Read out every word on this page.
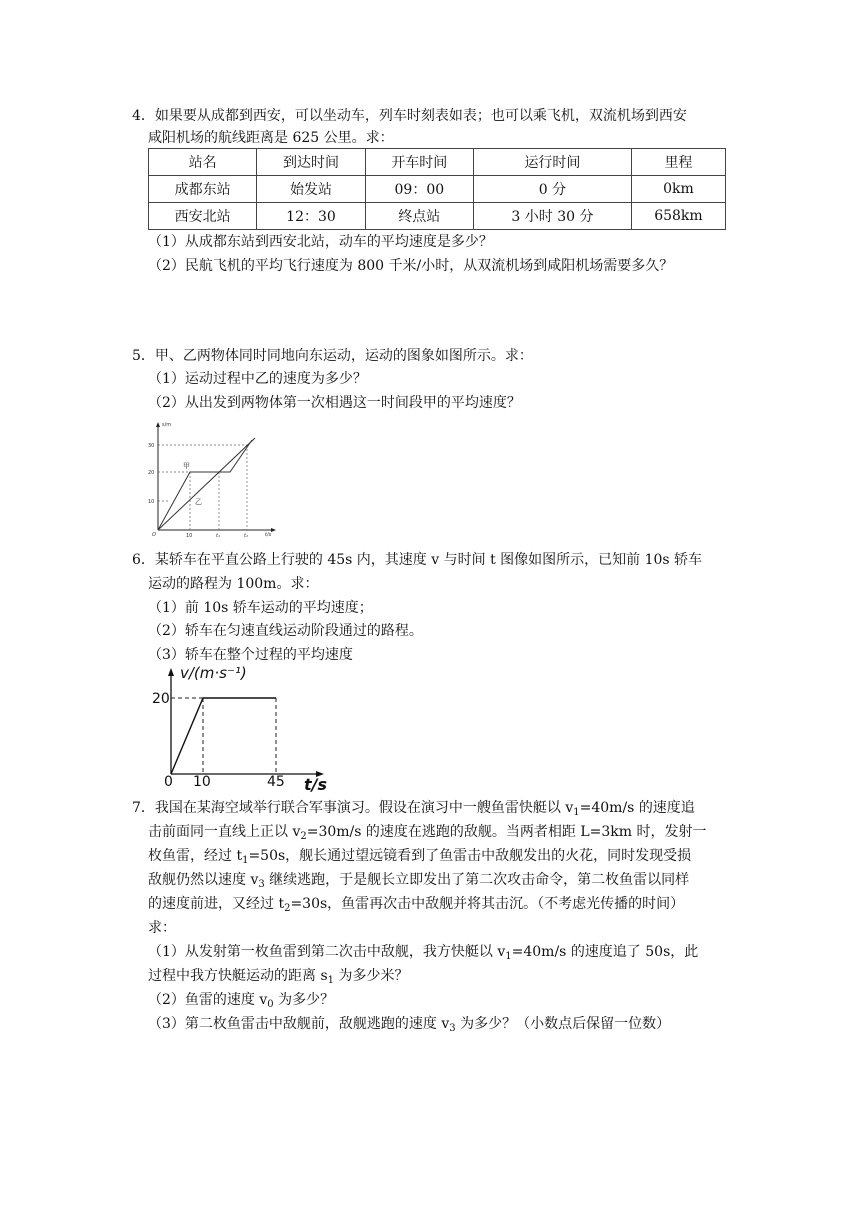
4．如果要从成都到西安，可以坐动车，列车时刻表如表；也可以乘飞机，双流机场到西安
咸阳机场的航线距离是 625 公里。求：
站名	到达时间	开车时间	运行时间	里程
成都东站	始发站	09：00	0 分	0km
西安北站	12：30	终点站	3 小时 30 分	658km
（1）从成都东站到西安北站，动车的平均速度是多少？
（2）民航飞机的平均飞行速度为 800 千米/小时，从双流机场到咸阳机场需要多久？
5．甲、乙两物体同时同地向东运动，运动的图象如图所示。求：
（1）运动过程中乙的速度为多少？
（2）从出发到两物体第一次相遇这一时间段甲的平均速度？
s/m
t/s
10
20
30
10	t₁	t₂
O
甲
乙
6．某轿车在平直公路上行驶的 45s 内，其速度 v 与时间 t 图像如图所示，已知前 10s 轿车
运动的路程为 100m。求：
（1）前 10s 轿车运动的平均速度；
（2）轿车在匀速直线运动阶段通过的路程。
（3）轿车在整个过程的平均速度
v/(m·s⁻¹)
20
0 10	45 t/s
7．我国在某海空域举行联合军事演习。假设在演习中一艘鱼雷快艇以 $v_1=40m/s$ 的速度追
击前面同一直线上正以 $v_2=30m/s$ 的速度在逃跑的敌舰。当两者相距 L=3km 时，发射一
枚鱼雷，经过 $t_1=50s$，舰长通过望远镜看到了鱼雷击中敌舰发出的火花，同时发现受损
敌舰仍然以速度 $v_3$ 继续逃跑，于是舰长立即发出了第二次攻击命令，第二枚鱼雷以同样
的速度前进，又经过 $t_2=30s$，鱼雷再次击中敌舰并将其击沉。（不考虑光传播的时间）
求：
（1）从发射第一枚鱼雷到第二次击中敌舰，我方快艇以 $v_1=40m/s$ 的速度追了 50s，此
过程中我方快艇运动的距离 $s_1$ 为多少米？
（2）鱼雷的速度 $v_0$ 为多少？
（3）第二枚鱼雷击中敌舰前，敌舰逃跑的速度 $v_3$ 为多少？（小数点后保留一位数）
